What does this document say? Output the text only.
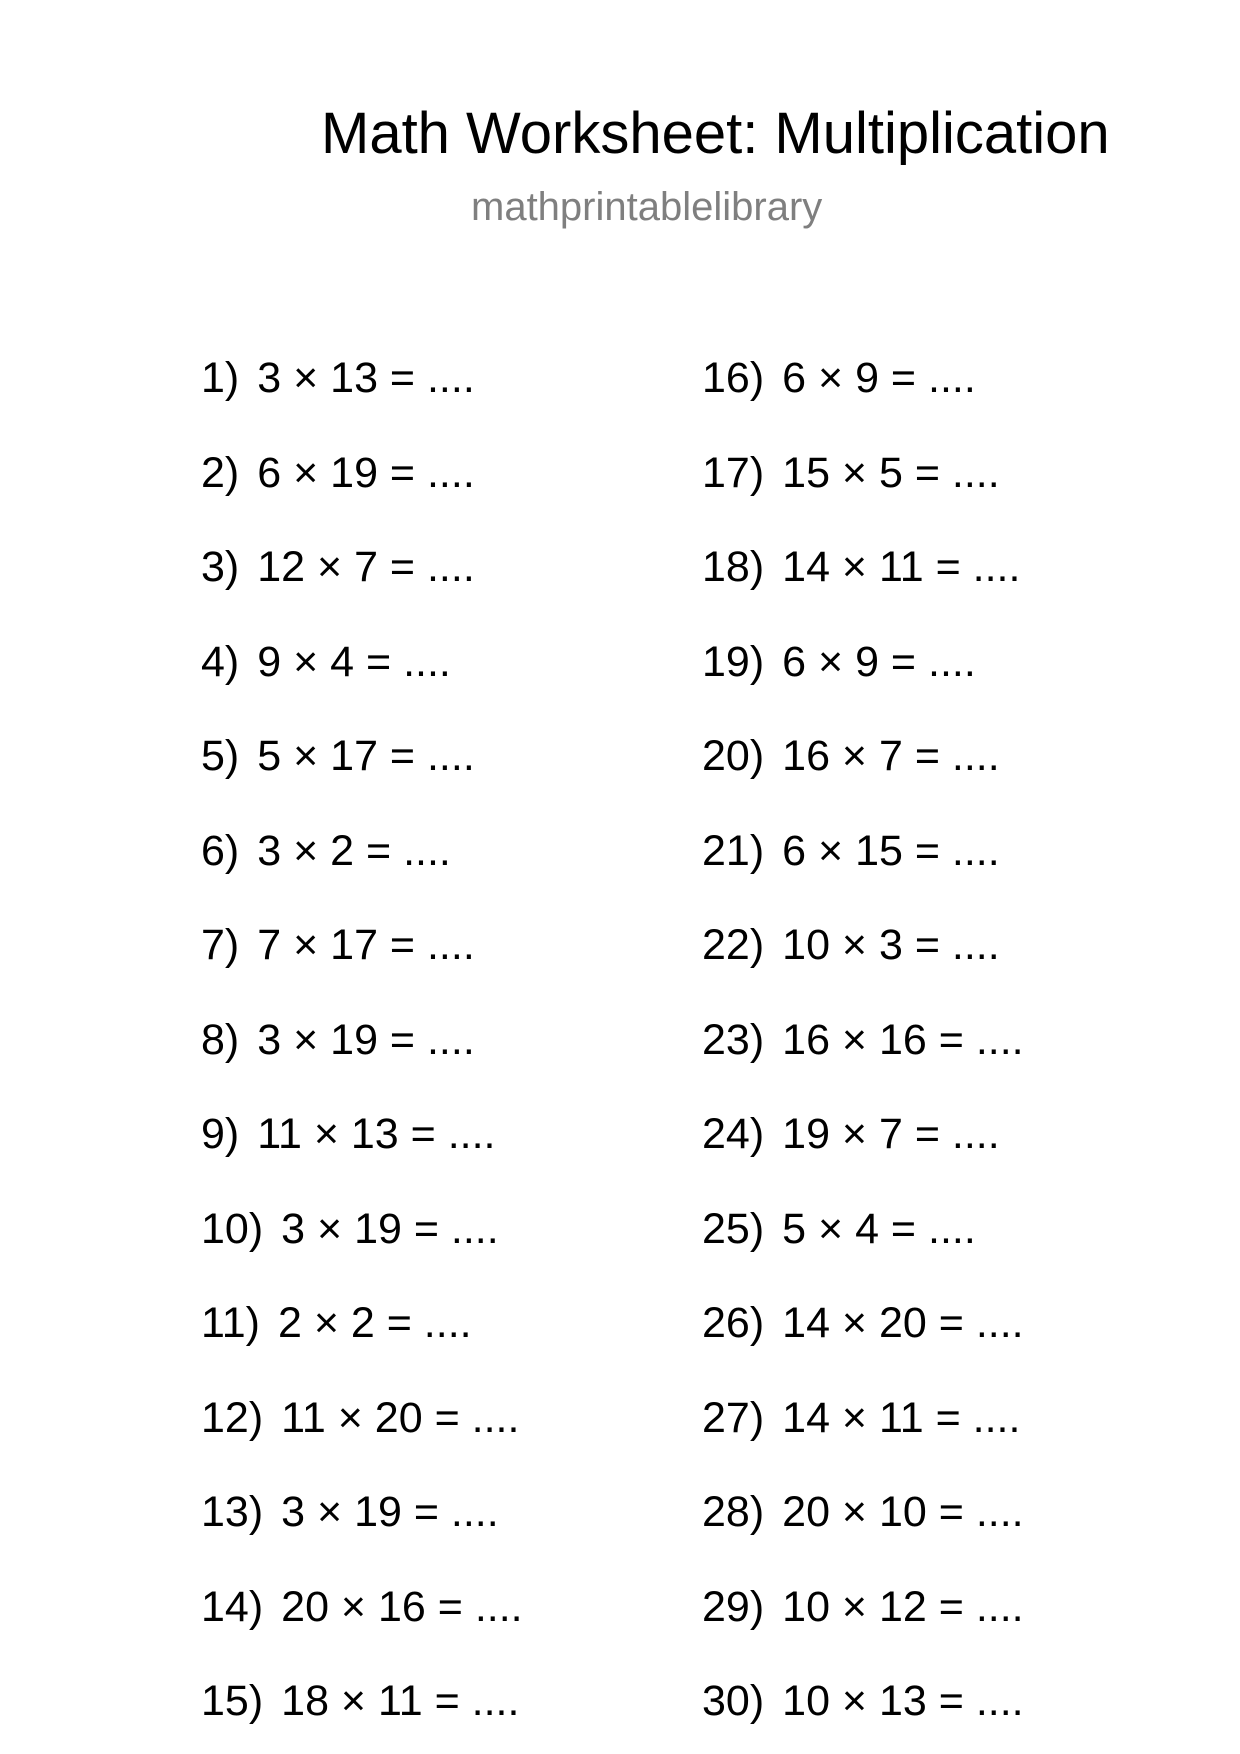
Math Worksheet: Multiplication
mathprintablelibrary
1) 3 × 13 = ....
2) 6 × 19 = ....
3) 12 × 7 = ....
4) 9 × 4 = ....
5) 5 × 17 = ....
6) 3 × 2 = ....
7) 7 × 17 = ....
8) 3 × 19 = ....
9) 11 × 13 = ....
10) 3 × 19 = ....
11) 2 × 2 = ....
12) 11 × 20 = ....
13) 3 × 19 = ....
14) 20 × 16 = ....
15) 18 × 11 = ....
16) 6 × 9 = ....
17) 15 × 5 = ....
18) 14 × 11 = ....
19) 6 × 9 = ....
20) 16 × 7 = ....
21) 6 × 15 = ....
22) 10 × 3 = ....
23) 16 × 16 = ....
24) 19 × 7 = ....
25) 5 × 4 = ....
26) 14 × 20 = ....
27) 14 × 11 = ....
28) 20 × 10 = ....
29) 10 × 12 = ....
30) 10 × 13 = ....
